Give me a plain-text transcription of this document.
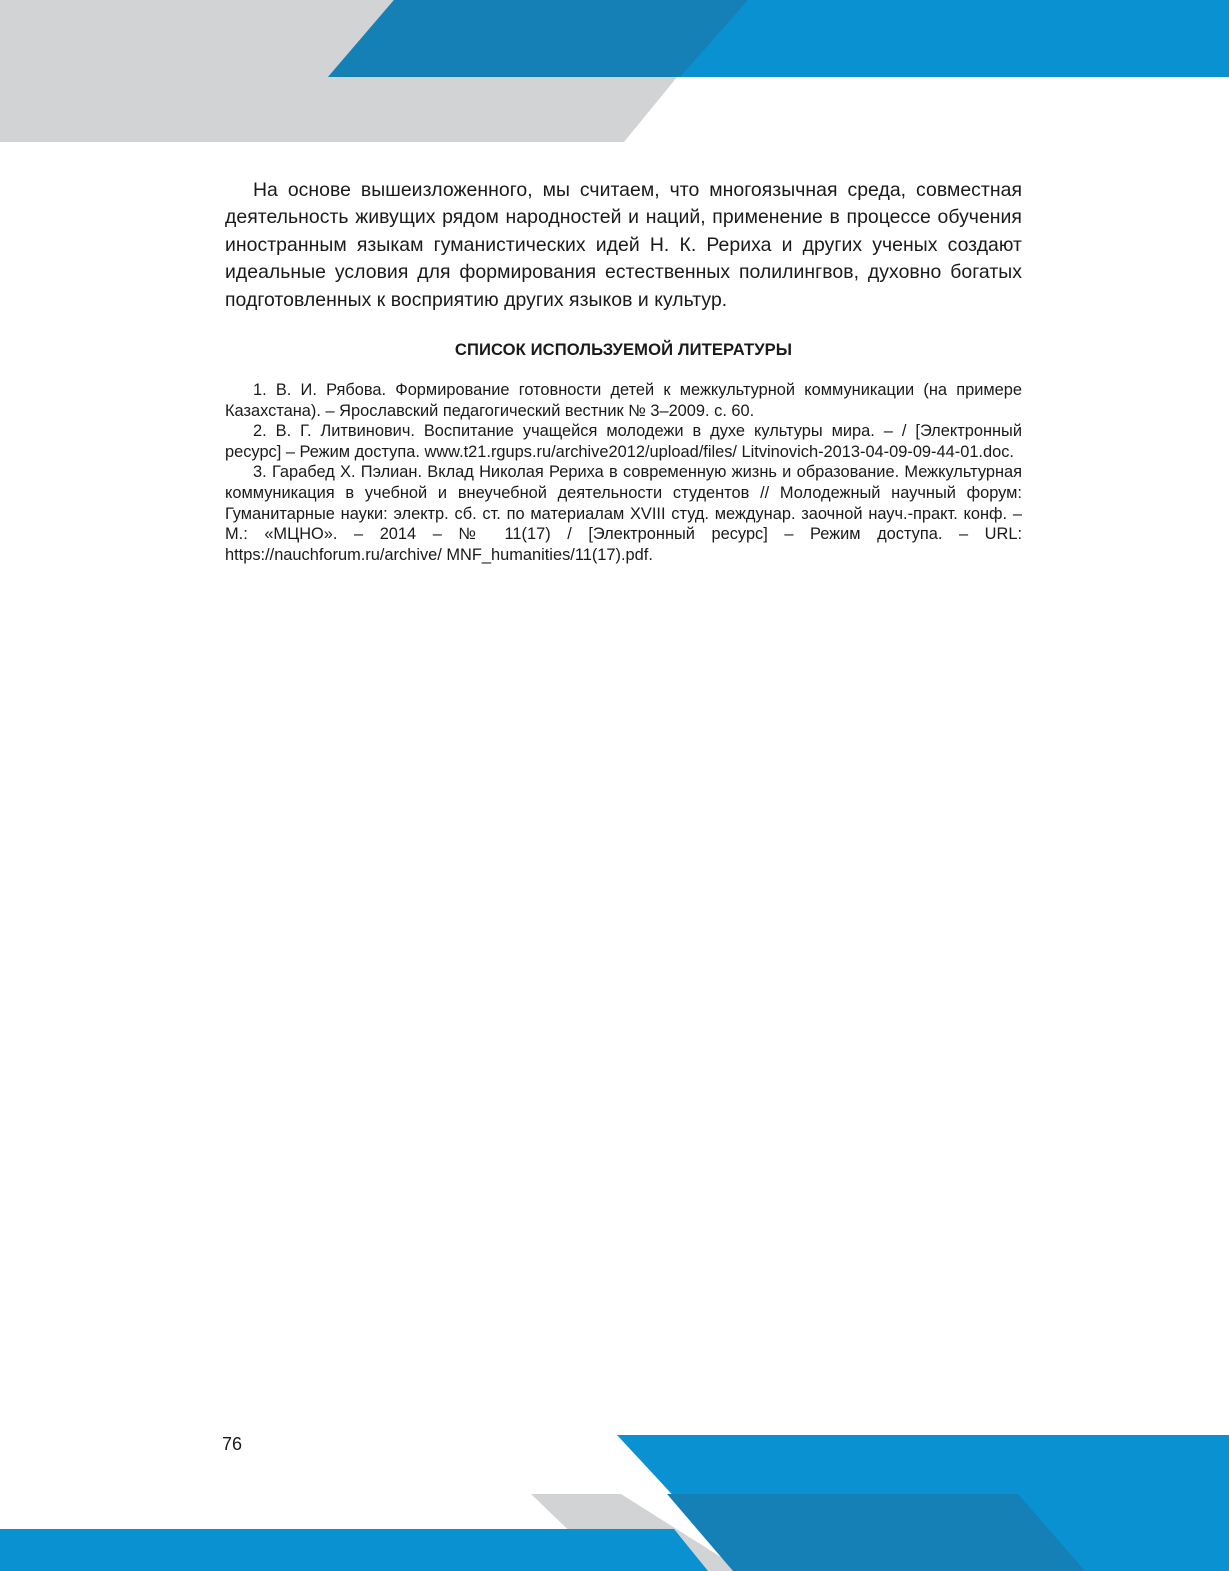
На основе вышеизложенного, мы считаем, что многоязычная среда, совместная деятельность живущих рядом народностей и наций, применение в процессе обучения иностранным языкам гуманистических идей Н. К. Рериха и других ученых создают идеальные условия для формирования естественных полилингвов, духовно богатых подготовленных к восприятию других языков и культур.

СПИСОК ИСПОЛЬЗУЕМОЙ ЛИТЕРАТУРЫ
1. В. И. Рябова. Формирование готовности детей к межкультурной коммуникации (на примере Казахстана). – Ярославский педагогический вестник № 3–2009. с. 60.
2. В. Г. Литвинович. Воспитание учащейся молодежи в духе культуры мира. – / [Электронный ресурс] – Режим доступа. www.t21.rgups.ru/archive2012/upload/files/ Litvinovich-2013-04-09-09-44-01.doc.
3. Гарабед Х. Пэлиан. Вклад Николая Рериха в современную жизнь и образование. Межкультурная коммуникация в учебной и внеучебной деятельности студентов // Молодежный научный форум: Гуманитарные науки: электр. сб. ст. по материалам XVIII студ. междунар. заочной науч.-практ. конф. – М.: «МЦНО». – 2014 – № 11(17) / [Электронный ресурс] – Режим доступа. – URL: https://nauchforum.ru/archive/ MNF_humanities/11(17).pdf.
76
